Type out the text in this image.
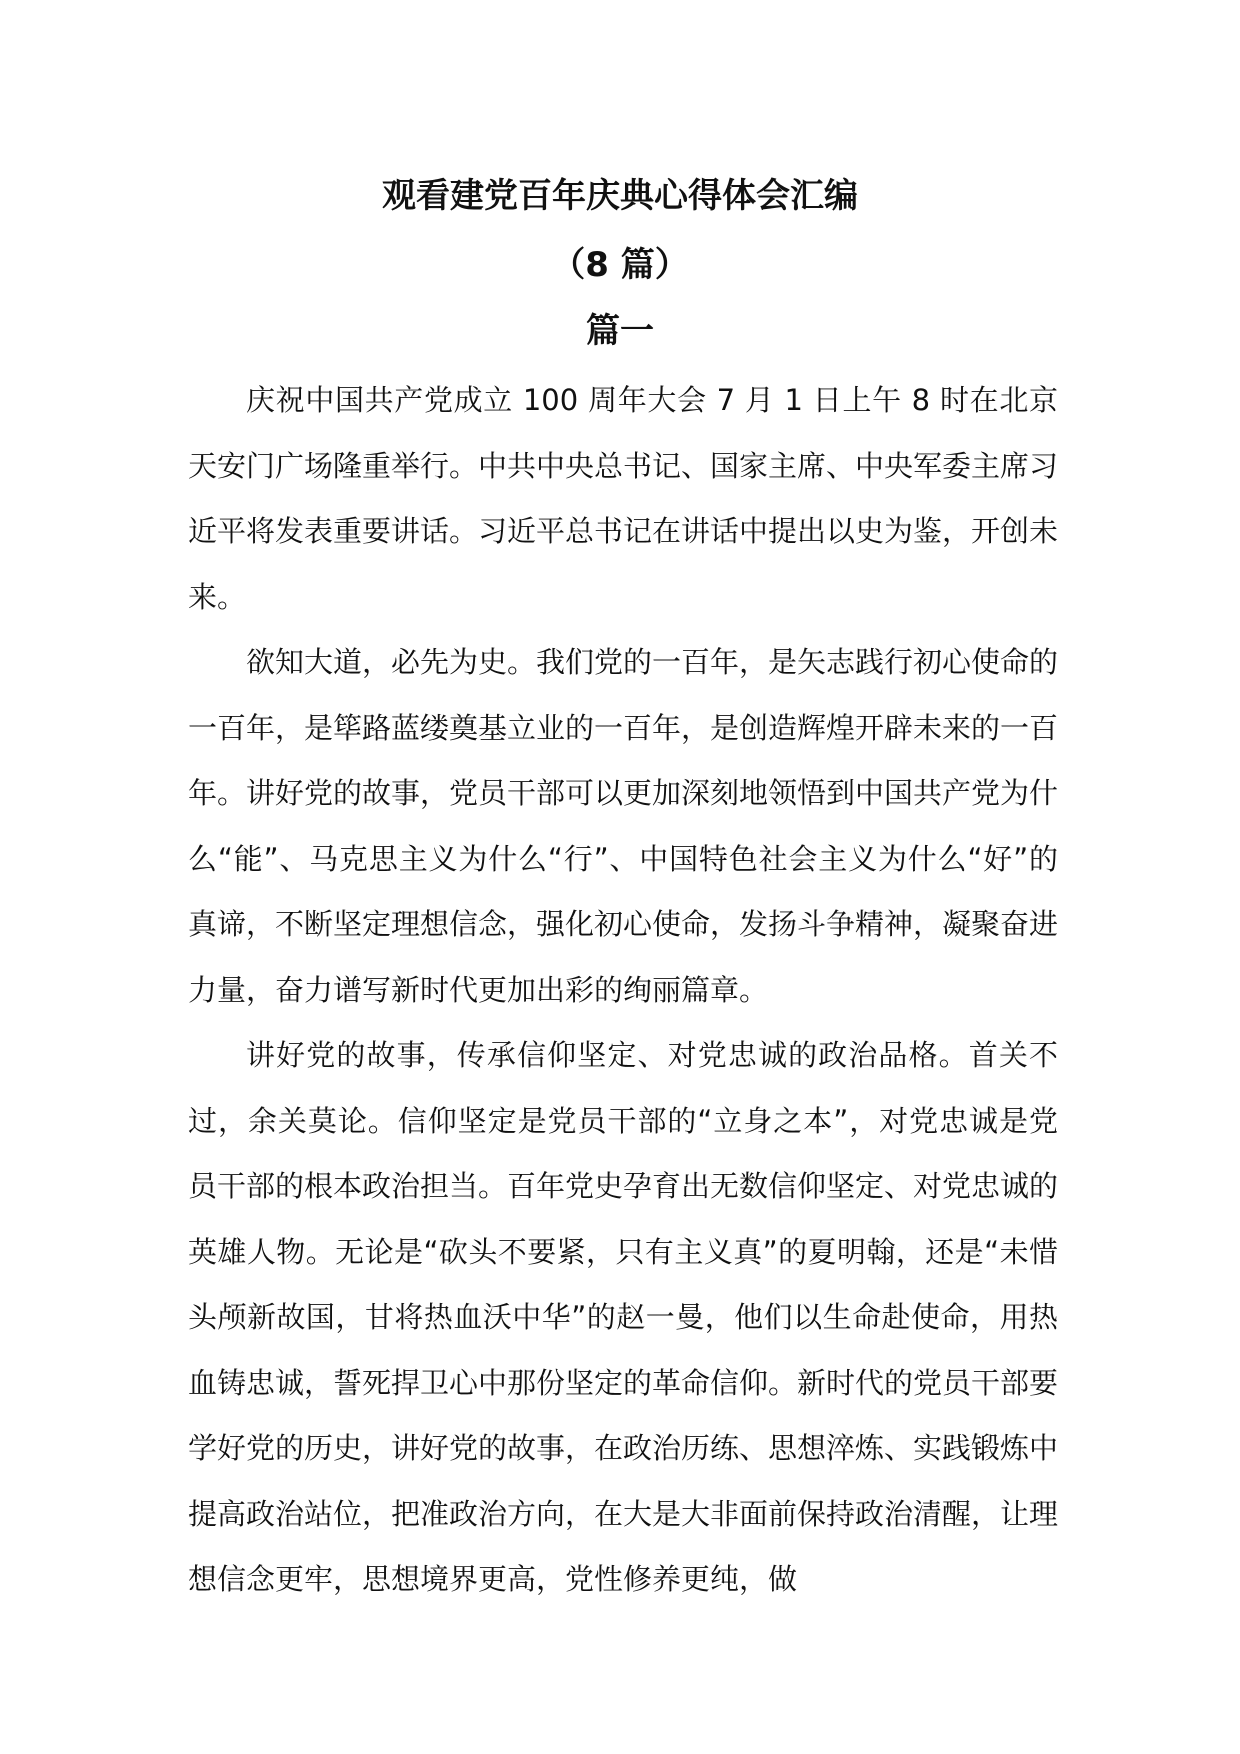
观看建党百年庆典心得体会汇编
（8 篇）
篇一

庆祝中国共产党成立 100 周年大会 7 月 1 日上午 8 时在北京天安门广场隆重举行。中共中央总书记、国家主席、中央军委主席习近平将发表重要讲话。习近平总书记在讲话中提出以史为鉴，开创未来。

欲知大道，必先为史。我们党的一百年，是矢志践行初心使命的一百年，是筚路蓝缕奠基立业的一百年，是创造辉煌开辟未来的一百年。讲好党的故事，党员干部可以更加深刻地领悟到中国共产党为什么“能”、马克思主义为什么“行”、中国特色社会主义为什么“好”的真谛，不断坚定理想信念，强化初心使命，发扬斗争精神，凝聚奋进力量，奋力谱写新时代更加出彩的绚丽篇章。

讲好党的故事，传承信仰坚定、对党忠诚的政治品格。首关不过，余关莫论。信仰坚定是党员干部的“立身之本”，对党忠诚是党员干部的根本政治担当。百年党史孕育出无数信仰坚定、对党忠诚的英雄人物。无论是“砍头不要紧，只有主义真”的夏明翰，还是“未惜头颅新故国，甘将热血沃中华”的赵一曼，他们以生命赴使命，用热血铸忠诚，誓死捍卫心中那份坚定的革命信仰。新时代的党员干部要学好党的历史，讲好党的故事，在政治历练、思想淬炼、实践锻炼中提高政治站位，把准政治方向，在大是大非面前保持政治清醒，让理想信念更牢，思想境界更高，党性修养更纯，做
